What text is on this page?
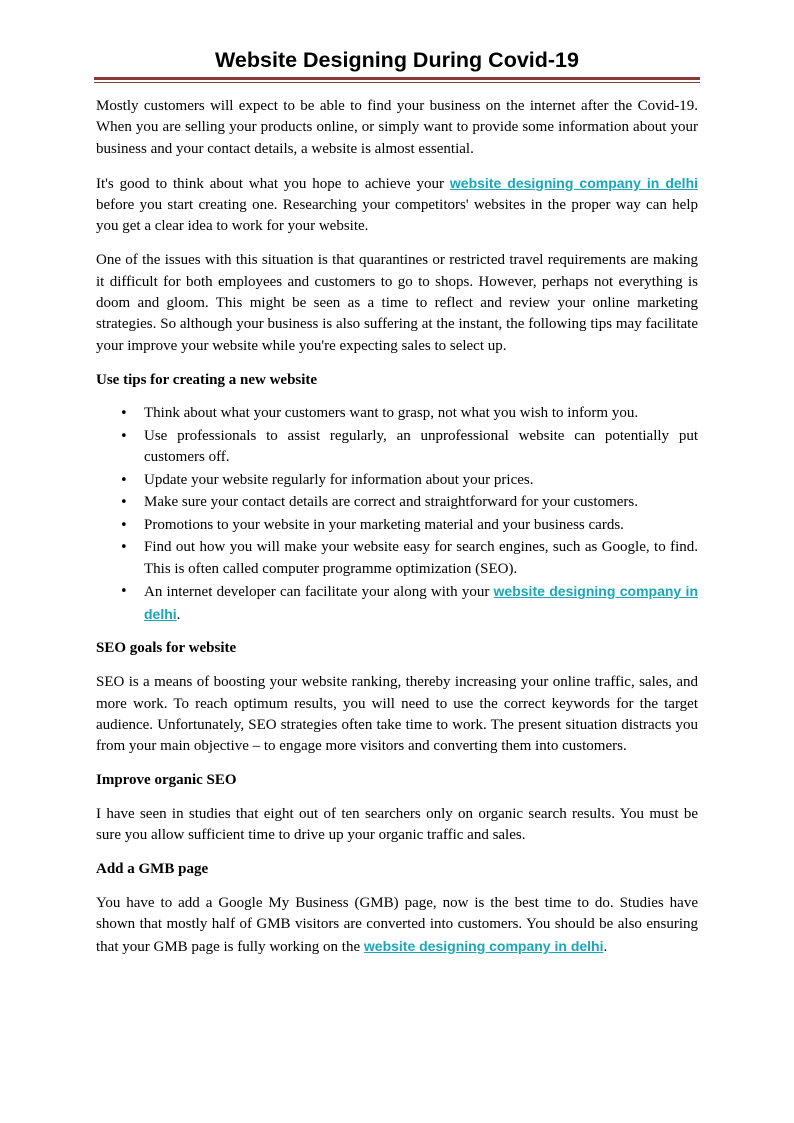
Website Designing During Covid-19

Mostly customers will expect to be able to find your business on the internet after the Covid-19. When you are selling your products online, or simply want to provide some information about your business and your contact details, a website is almost essential.

It's good to think about what you hope to achieve your website designing company in delhi before you start creating one. Researching your competitors' websites in the proper way can help you get a clear idea to work for your website.

One of the issues with this situation is that quarantines or restricted travel requirements are making it difficult for both employees and customers to go to shops. However, perhaps not everything is doom and gloom. This might be seen as a time to reflect and review your online marketing strategies. So although your business is also suffering at the instant, the following tips may facilitate your improve your website while you're expecting sales to select up.

Use tips for creating a new website
• Think about what your customers want to grasp, not what you wish to inform you.
• Use professionals to assist regularly, an unprofessional website can potentially put customers off.
• Update your website regularly for information about your prices.
• Make sure your contact details are correct and straightforward for your customers.
• Promotions to your website in your marketing material and your business cards.
• Find out how you will make your website easy for search engines, such as Google, to find. This is often called computer programme optimization (SEO).
• An internet developer can facilitate your along with your website designing company in delhi.
SEO goals for website

SEO is a means of boosting your website ranking, thereby increasing your online traffic, sales, and more work. To reach optimum results, you will need to use the correct keywords for the target audience. Unfortunately, SEO strategies often take time to work. The present situation distracts you from your main objective – to engage more visitors and converting them into customers.

Improve organic SEO

I have seen in studies that eight out of ten searchers only on organic search results. You must be sure you allow sufficient time to drive up your organic traffic and sales.

Add a GMB page

You have to add a Google My Business (GMB) page, now is the best time to do. Studies have shown that mostly half of GMB visitors are converted into customers. You should be also ensuring that your GMB page is fully working on the website designing company in delhi.
